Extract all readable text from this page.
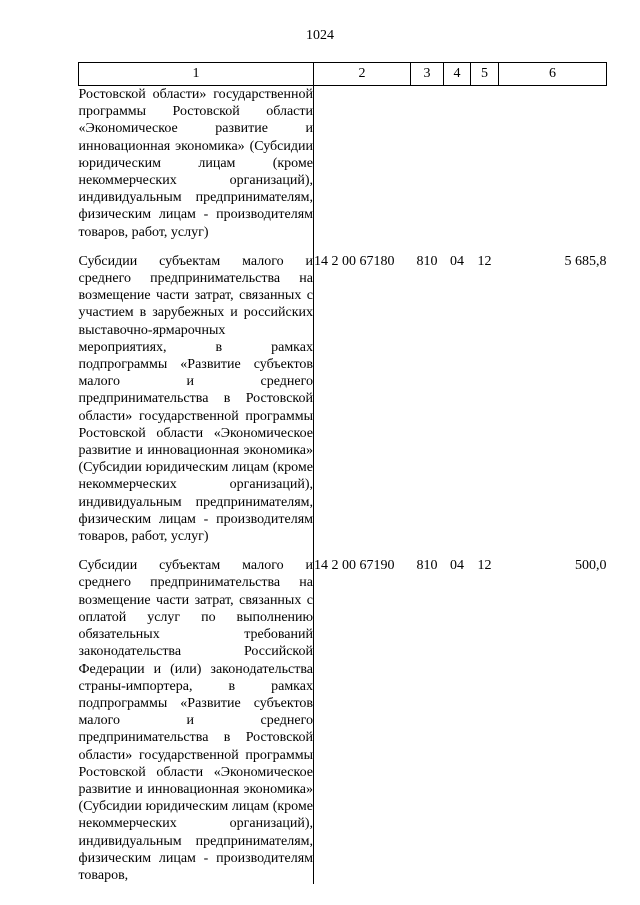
1024
1	2	3	4	5	6
Ростовской области» государственной программы Ростовской области «Экономическое развитие и инновационная экономика» (Субсидии юридическим лицам (кроме некоммерческих организаций), индивидуальным предпринимателям, физическим лицам - производителям товаров, работ, услуг)					
Субсидии субъектам малого и среднего предпринимательства на возмещение части затрат, связанных с участием в зарубежных и российских выставочно-ярмарочных мероприятиях, в рамках подпрограммы «Развитие субъектов малого и среднего предпринимательства в Ростовской области» государственной программы Ростовской области «Экономическое развитие и инновационная экономика» (Субсидии юридическим лицам (кроме некоммерческих организаций), индивидуальным предпринимателям, физическим лицам - производителям товаров, работ, услуг)	14 2 00 67180	810	04	12	5 685,8
Субсидии субъектам малого и среднего предпринимательства на возмещение части затрат, связанных с оплатой услуг по выполнению обязательных требований законодательства Российской Федерации и (или) законодательства страны-импортера, в рамках подпрограммы «Развитие субъектов малого и среднего предпринимательства в Ростовской области» государственной программы Ростовской области «Экономическое развитие и инновационная экономика» (Субсидии юридическим лицам (кроме некоммерческих организаций), индивидуальным предпринимателям, физическим лицам - производителям товаров,	14 2 00 67190	810	04	12	500,0
